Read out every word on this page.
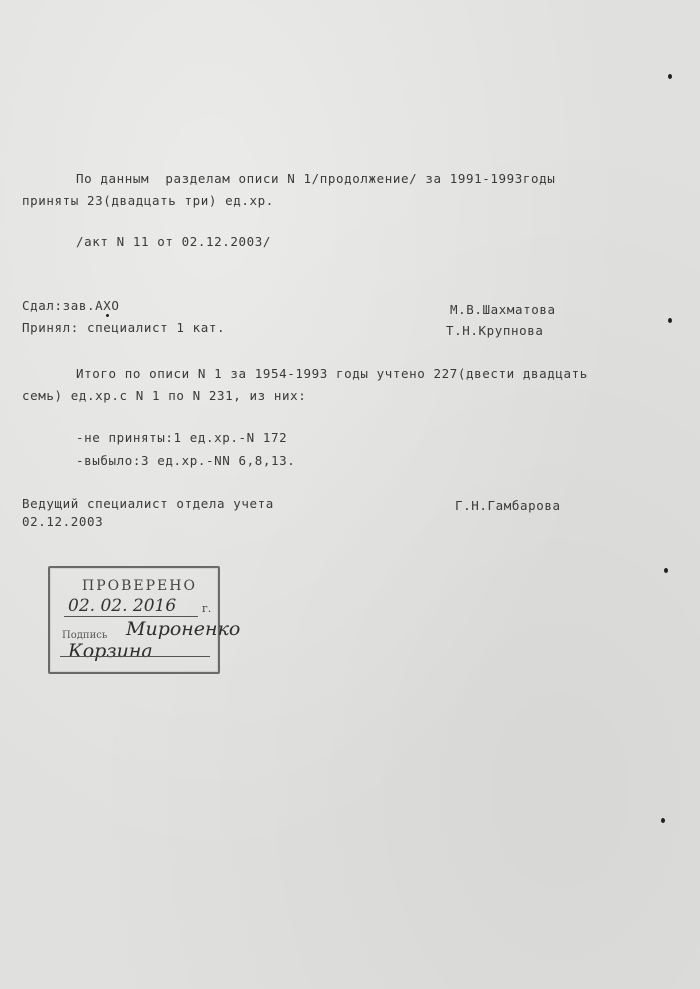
По данным  разделам описи N 1/продолжение/ за 1991-1993годы
приняты 23(двадцать три) ед.хр.
/акт N 11 от 02.12.2003/
Сдал:зав.АХО	М.В.Шахматова
Принял: специалист 1 кат.	Т.Н.Крупнова
Итого по описи N 1 за 1954-1993 годы учтено 227(двести двадцать
семь) ед.хр.с N 1 по N 231, из них:
-не приняты:1 ед.хр.-N 172
-выбыло:3 ед.хр.-NN 6,8,13.
Ведущий специалист отдела учета	Г.Н.Гамбарова
02.12.2003
ПРОВЕРЕНО
02. 02. 2016 г.
Подпись Мироненко
Корзина
